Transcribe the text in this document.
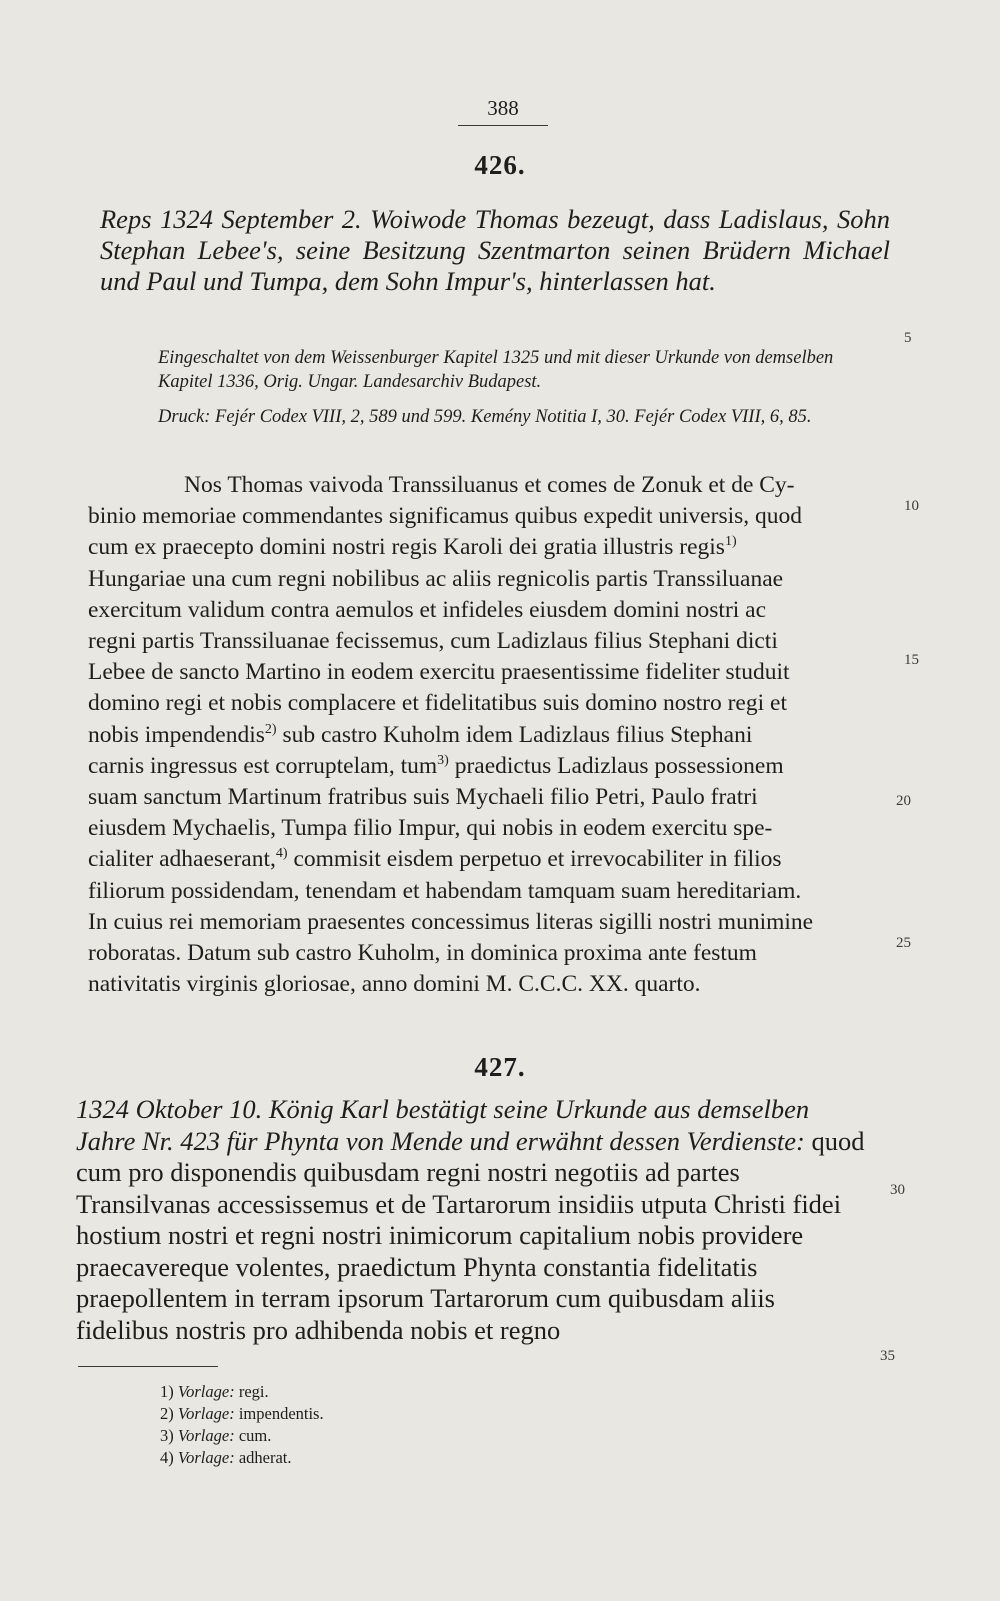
388
426.

Reps 1324 September 2. Woiwode Thomas bezeugt, dass Ladislaus, Sohn Stephan Lebee's, seine Besitzung Szentmarton seinen Brüdern Michael und Paul und Tumpa, dem Sohn Impur's, hinterlassen hat.

Eingeschaltet von dem Weissenburger Kapitel 1325 und mit dieser Urkunde von demselben Kapitel 1336, Orig. Ungar. Landesarchiv Budapest.

Druck: Fejér Codex VIII, 2, 589 und 599. Kemény Notitia I, 30. Fejér Codex VIII, 6, 85.

Nos Thomas vaivoda Transsiluanus et comes de Zonuk et de Cy-
binio memoriae commendantes significamus quibus expedit universis, quod
cum ex praecepto domini nostri regis Karoli dei gratia illustris regis$^{1)}$
Hungariae una cum regni nobilibus ac aliis regnicolis partis Transsiluanae
exercitum validum contra aemulos et infideles eiusdem domini nostri ac
regni partis Transsiluanae fecissemus, cum Ladizlaus filius Stephani dicti
Lebee de sancto Martino in eodem exercitu praesentissime fideliter studuit
domino regi et nobis complacere et fidelitatibus suis domino nostro regi et
nobis impendendis$^{2)}$ sub castro Kuholm idem Ladizlaus filius Stephani
carnis ingressus est corruptelam, tum$^{3)}$ praedictus Ladizlaus possessionem
suam sanctum Martinum fratribus suis Mychaeli filio Petri, Paulo fratri
eiusdem Mychaelis, Tumpa filio Impur, qui nobis in eodem exercitu spe-
cialiter adhaeserant,$^{4)}$ commisit eisdem perpetuo et irrevocabiliter in filios
filiorum possidendam, tenendam et habendam tamquam suam hereditariam.
In cuius rei memoriam praesentes concessimus literas sigilli nostri munimine
roboratas. Datum sub castro Kuholm, in dominica proxima ante festum
nativitatis virginis gloriosae, anno domini M. C.C.C. XX. quarto.
427.

1324 Oktober 10. König Karl bestätigt seine Urkunde aus demselben Jahre Nr. 423 für Phynta von Mende und erwähnt dessen Verdienste: quod cum pro disponendis quibusdam regni nostri negotiis ad partes Transilvanas accessissemus et de Tartarorum insidiis utputa Christi fidei hostium nostri et regni nostri inimicorum capitalium nobis providere praecavereque volentes, praedictum Phynta constantia fidelitatis praepollentem in terram ipsorum Tartarorum cum quibusdam aliis fidelibus nostris pro adhibenda nobis et regno

5
10
15
20
25
30
35
1) Vorlage: regi.
2) Vorlage: impendentis.
3) Vorlage: cum.
4) Vorlage: adherat.
